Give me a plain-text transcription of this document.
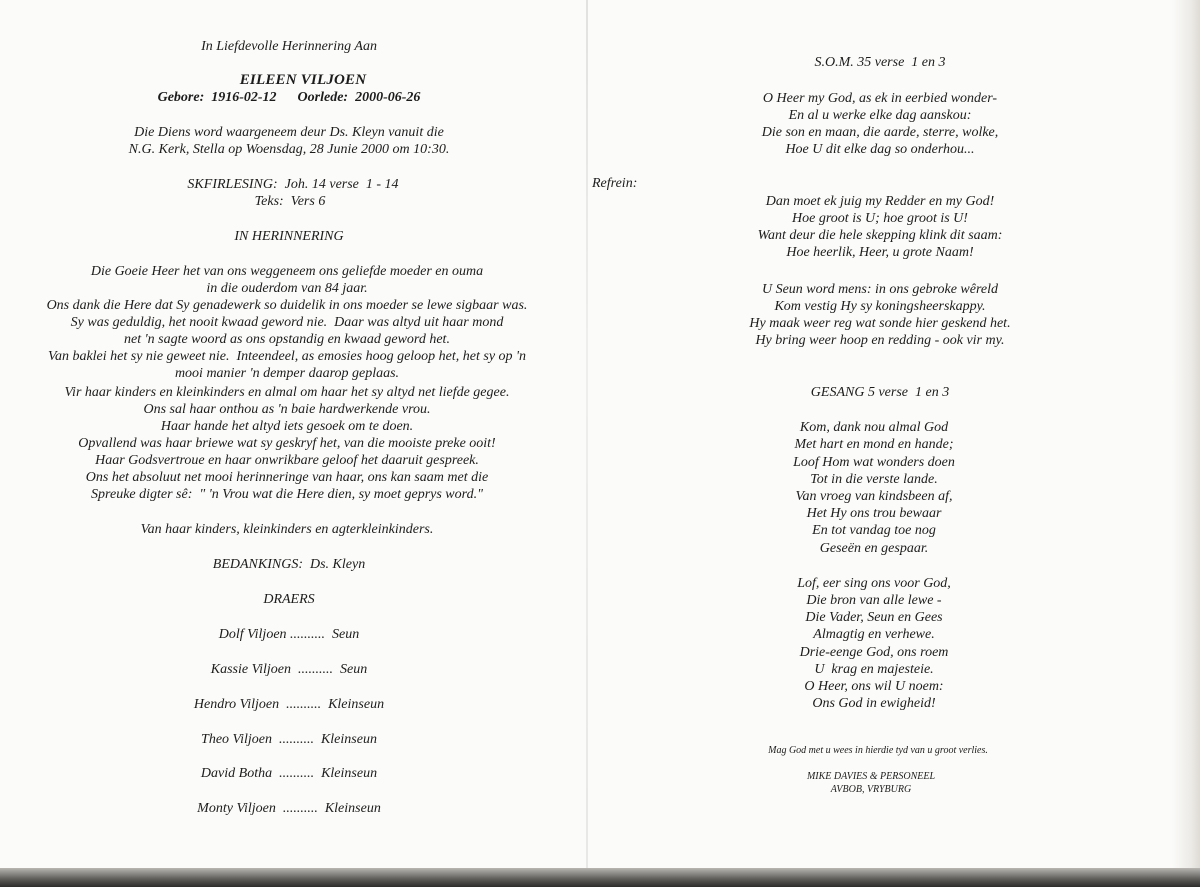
In Liefdevolle Herinnering Aan
EILEEN VILJOEN
Gebore:  1916-02-12      Oorlede:  2000-06-26
Die Diens word waargeneem deur Ds. Kleyn vanuit die
N.G. Kerk, Stella op Woensdag, 28 Junie 2000 om 10:30.
SKFIRLESING:  Joh. 14 verse  1 - 14
Teks:  Vers 6
IN HERINNERING
Die Goeie Heer het van ons weggeneem ons geliefde moeder en ouma
in die ouderdom van 84 jaar.
Ons dank die Here dat Sy genadewerk so duidelik in ons moeder se lewe sigbaar was.
Sy was geduldig, het nooit kwaad geword nie.  Daar was altyd uit haar mond
net 'n sagte woord as ons opstandig en kwaad geword het.
Van baklei het sy nie geweet nie.  Inteendeel, as emosies hoog geloop het, het sy op 'n
mooi manier 'n demper daarop geplaas.
Vir haar kinders en kleinkinders en almal om haar het sy altyd net liefde gegee.
Ons sal haar onthou as 'n baie hardwerkende vrou.
Haar hande het altyd iets gesoek om te doen.
Opvallend was haar briewe wat sy geskryf het, van die mooiste preke ooit!
Haar Godsvertroue en haar onwrikbare geloof het daaruit gespreek.
Ons het absoluut net mooi herinneringe van haar, ons kan saam met die
Spreuke digter sê:  " 'n Vrou wat die Here dien, sy moet geprys word."
Van haar kinders, kleinkinders en agterkleinkinders.
BEDANKINGS:  Ds. Kleyn
DRAERS
Dolf Viljoen ..........  Seun
Kassie Viljoen  ..........  Seun
Hendro Viljoen  ..........  Kleinseun
Theo Viljoen  ..........  Kleinseun
David Botha  ..........  Kleinseun
Monty Viljoen  ..........  Kleinseun
S.O.M. 35 verse  1 en 3
O Heer my God, as ek in eerbied wonder-
En al u werke elke dag aanskou:
Die son en maan, die aarde, sterre, wolke,
Hoe U dit elke dag so onderhou...
Refrein:
Dan moet ek juig my Redder en my God!
Hoe groot is U; hoe groot is U!
Want deur die hele skepping klink dit saam:
Hoe heerlik, Heer, u grote Naam!
U Seun word mens: in ons gebroke wêreld
Kom vestig Hy sy koningsheerskappy.
Hy maak weer reg wat sonde hier geskend het.
Hy bring weer hoop en redding - ook vir my.
GESANG 5 verse  1 en 3
Kom, dank nou almal God
Met hart en mond en hande;
Loof Hom wat wonders doen
Tot in die verste lande.
Van vroeg van kindsbeen af,
Het Hy ons trou bewaar
En tot vandag toe nog
Geseën en gespaar.
Lof, eer sing ons voor God,
Die bron van alle lewe -
Die Vader, Seun en Gees
Almagtig en verhewe.
Drie-eenge God, ons roem
U  krag en majesteie.
O Heer, ons wil U noem:
Ons God in ewigheid!
Mag God met u wees in hierdie tyd van u groot verlies.
MIKE DAVIES & PERSONEEL
AVBOB, VRYBURG
